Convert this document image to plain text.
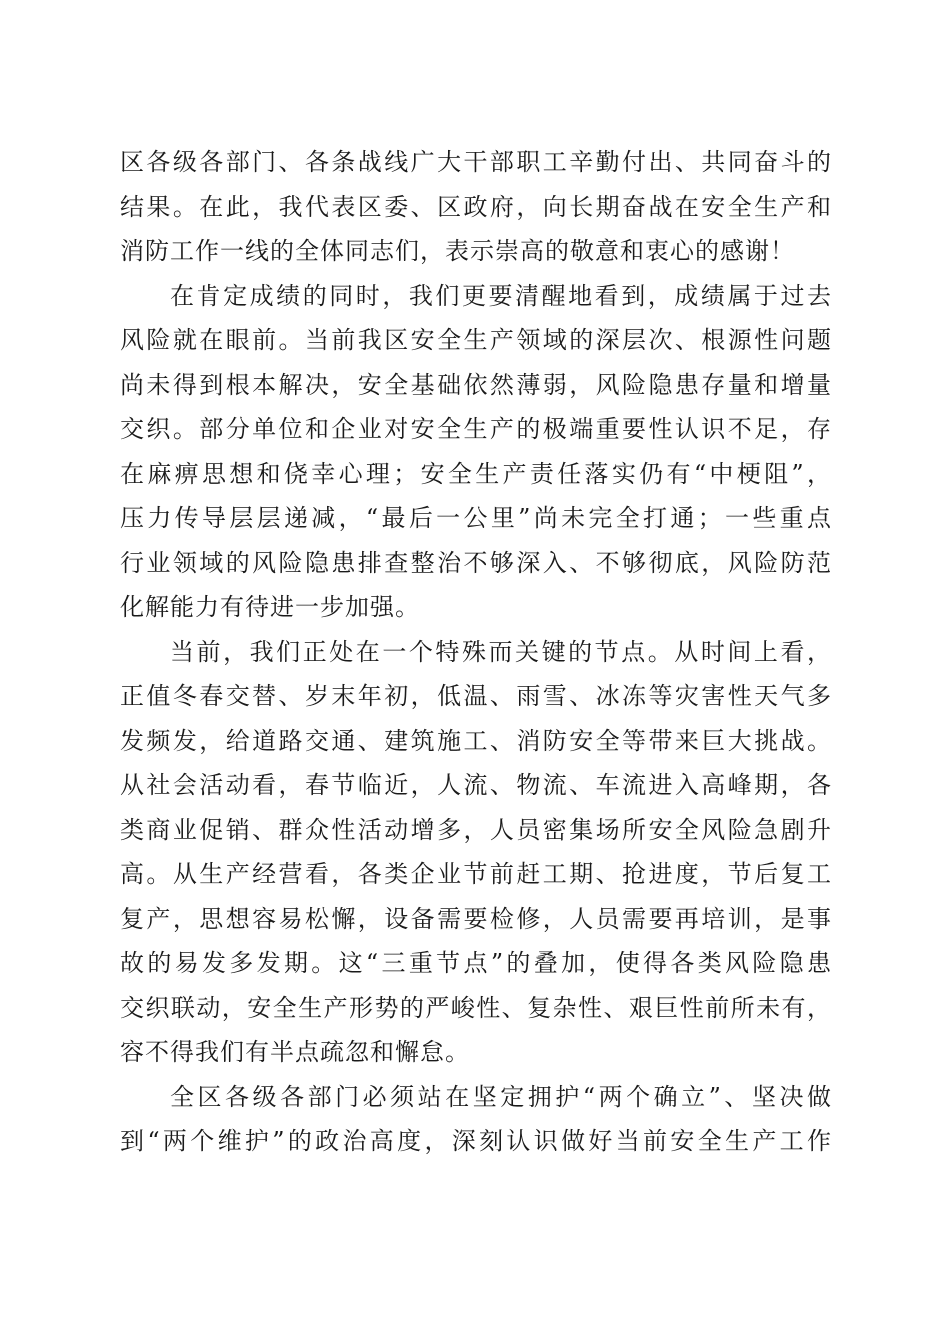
区各级各部门、各条战线广大干部职工辛勤付出、共同奋斗的
结果。在此，我代表区委、区政府，向长期奋战在安全生产和
消防工作一线的全体同志们，表示崇高的敬意和衷心的感谢！
在肯定成绩的同时，我们更要清醒地看到，成绩属于过去
风险就在眼前。当前我区安全生产领域的深层次、根源性问题
尚未得到根本解决，安全基础依然薄弱，风险隐患存量和增量
交织。部分单位和企业对安全生产的极端重要性认识不足，存
在麻痹思想和侥幸心理；安全生产责任落实仍有“中梗阻”，
压力传导层层递减，“最后一公里”尚未完全打通；一些重点
行业领域的风险隐患排查整治不够深入、不够彻底，风险防范
化解能力有待进一步加强。
当前，我们正处在一个特殊而关键的节点。从时间上看，
正值冬春交替、岁末年初，低温、雨雪、冰冻等灾害性天气多
发频发，给道路交通、建筑施工、消防安全等带来巨大挑战。
从社会活动看，春节临近，人流、物流、车流进入高峰期，各
类商业促销、群众性活动增多，人员密集场所安全风险急剧升
高。从生产经营看，各类企业节前赶工期、抢进度，节后复工
复产，思想容易松懈，设备需要检修，人员需要再培训，是事
故的易发多发期。这“三重节点”的叠加，使得各类风险隐患
交织联动，安全生产形势的严峻性、复杂性、艰巨性前所未有，
容不得我们有半点疏忽和懈怠。
全区各级各部门必须站在坚定拥护“两个确立”、坚决做
到“两个维护”的政治高度，深刻认识做好当前安全生产工作
